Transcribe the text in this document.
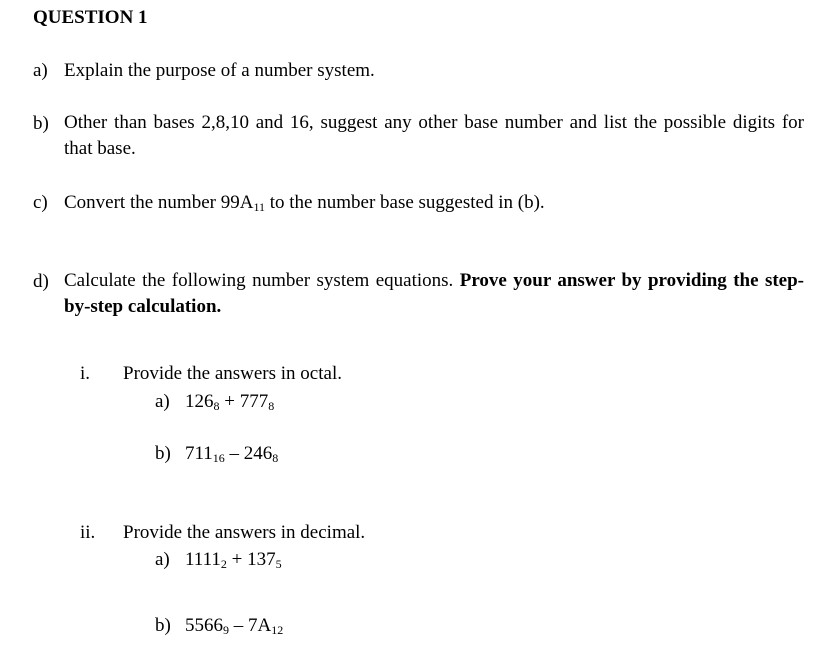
QUESTION 1
a) Explain the purpose of a number system.
b) Other than bases 2,8,10 and 16, suggest any other base number and list the possible digits for that base.
c) Convert the number $99A_{11}$ to the number base suggested in (b).
d) Calculate the following number system equations. Prove your answer by providing the step-by-step calculation.
i. Provide the answers in octal.
a) $126_8 + 777_8$
b) $711_{16} - 246_8$
ii. Provide the answers in decimal.
a) $1111_2 + 137_5$
b) $5566_9 - 7A_{12}$
